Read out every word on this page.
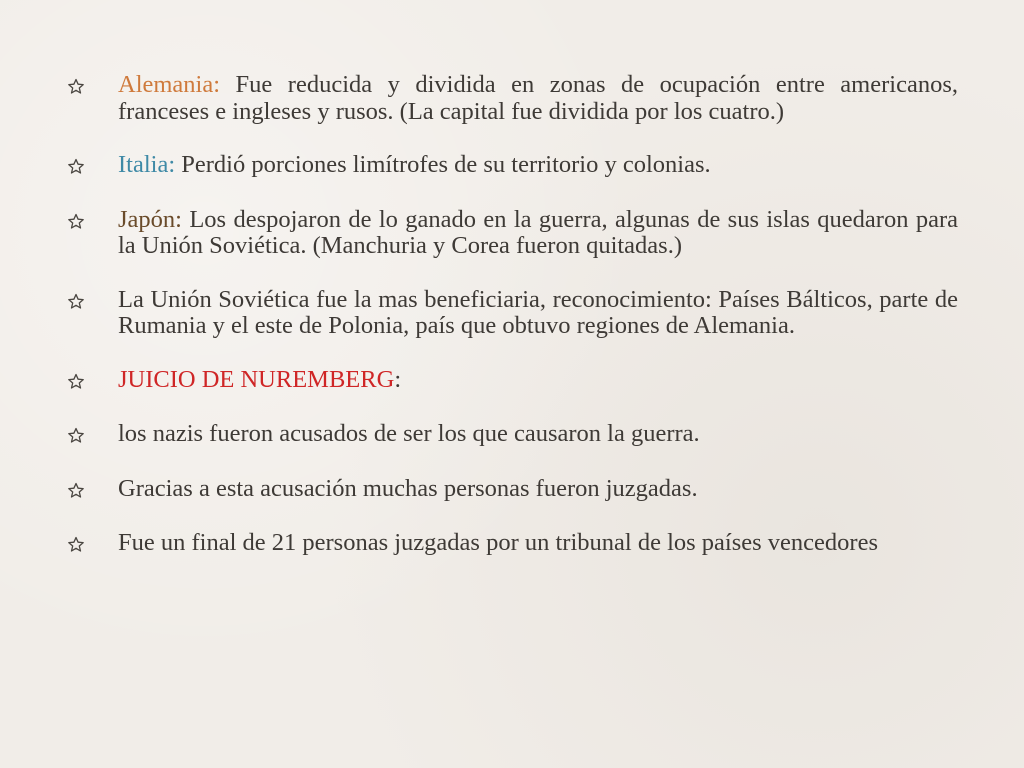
Alemania: Fue reducida y dividida en zonas de ocupación entre americanos, franceses e ingleses y rusos. (La capital fue dividida por los cuatro.)
Italia: Perdió porciones limítrofes de su territorio y colonias.
Japón: Los despojaron de lo ganado en la guerra, algunas de sus islas quedaron para la Unión Soviética. (Manchuria y Corea fueron quitadas.)
La Unión Soviética fue la mas beneficiaria, reconocimiento: Países Bálticos, parte de Rumania y el este de Polonia, país que obtuvo regiones de Alemania.
JUICIO DE NUREMBERG:
los nazis fueron acusados de ser los que causaron la guerra.
Gracias a esta acusación muchas personas fueron juzgadas.
Fue un final de 21 personas juzgadas por un tribunal de los países vencedores
